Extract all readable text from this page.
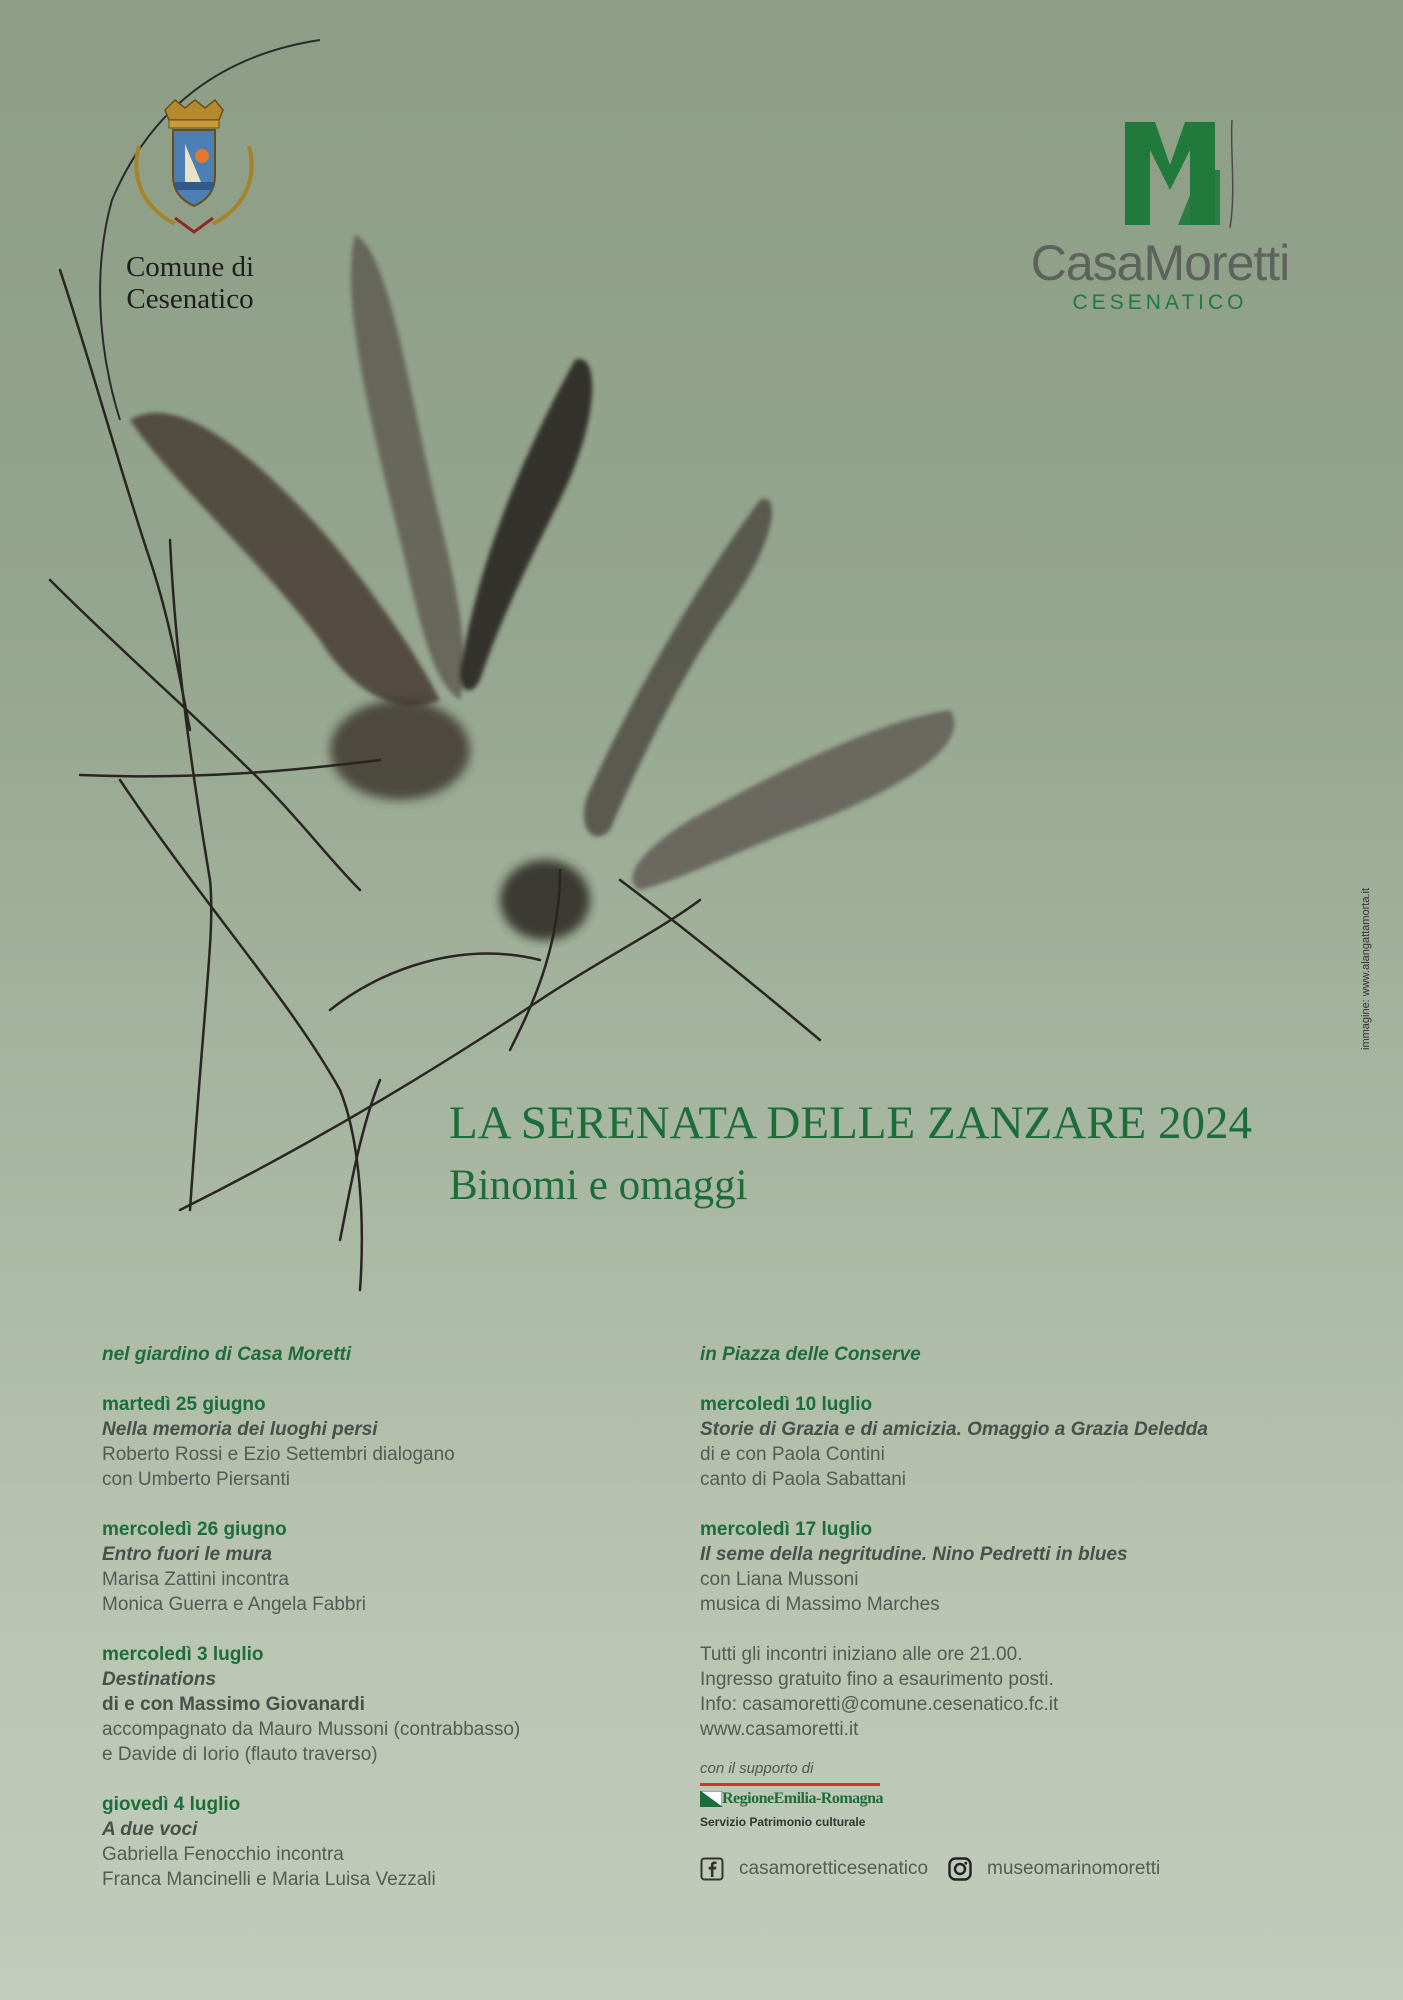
Comune di
Cesenatico
CasaMoretti
CESENATICO
immagine: www.alangattamorta.it
LA SERENATA DELLE ZANZARE 2024
Binomi e omaggi
nel giardino di Casa Moretti
martedì 25 giugno
Nella memoria dei luoghi persi
Roberto Rossi e Ezio Settembri dialogano
con Umberto Piersanti
mercoledì 26 giugno
Entro fuori le mura
Marisa Zattini incontra
Monica Guerra e Angela Fabbri
mercoledì 3 luglio
Destinations
di e con Massimo Giovanardi
accompagnato da Mauro Mussoni (contrabbasso)
e Davide di Iorio (flauto traverso)
giovedì 4 luglio
A due voci
Gabriella Fenocchio incontra
Franca Mancinelli e Maria Luisa Vezzali
in Piazza delle Conserve
mercoledì 10 luglio
Storie di Grazia e di amicizia. Omaggio a Grazia Deledda
di e con Paola Contini
canto di Paola Sabattani
mercoledì 17 luglio
Il seme della negritudine. Nino Pedretti in blues
con Liana Mussoni
musica di Massimo Marches
Tutti gli incontri iniziano alle ore 21.00.
Ingresso gratuito fino a esaurimento posti.
Info: casamoretti@comune.cesenatico.fc.it
www.casamoretti.it
con il supporto di
RegioneEmilia-Romagna
Servizio Patrimonio culturale
casamoretticesenatico	museomarinomoretti
